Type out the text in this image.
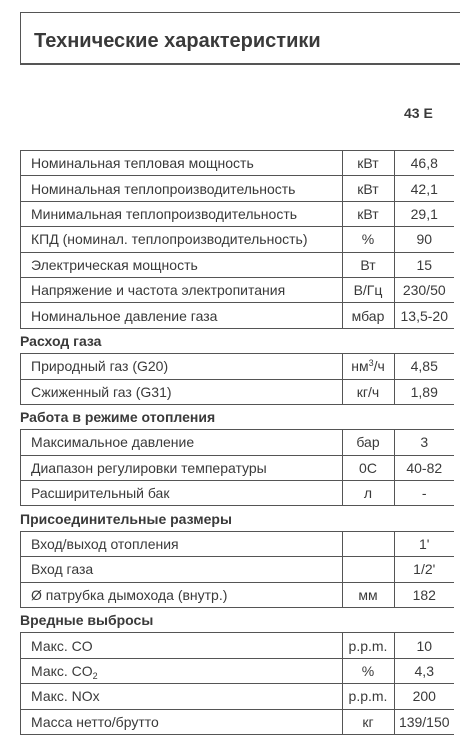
Технические характеристики
43 E
Номинальная тепловая мощность	кВт	46,8
Номинальная теплопроизводительность	кВт	42,1
Минимальная теплопроизводительность	кВт	29,1
КПД (номинал. теплопроизводительность)	%	90
Электрическая мощность	Вт	15
Напряжение и частота электропитания	В/Гц	230/50
Номинальное давление газа	мбар	13,5-20
Расход газа		
Природный газ (G20)	$нм^3/ч$	4,85
Сжиженный газ (G31)	кг/ч	1,89
Работа в режиме отопления		
Максимальное давление	бар	3
Диапазон регулировки температуры	0С	40-82
Расширительный бак	л	-
Присоединительные размеры		
Вход/выход отопления		1'
Вход газа		1/2'
Ø патрубка дымохода (внутр.)	мм	182
Вредные выбросы		
Макс. CO	p.p.m.	10
Макс. $CO_2$	%	4,3
Макс. NOx	p.p.m.	200
Масса нетто/брутто	кг	139/150
